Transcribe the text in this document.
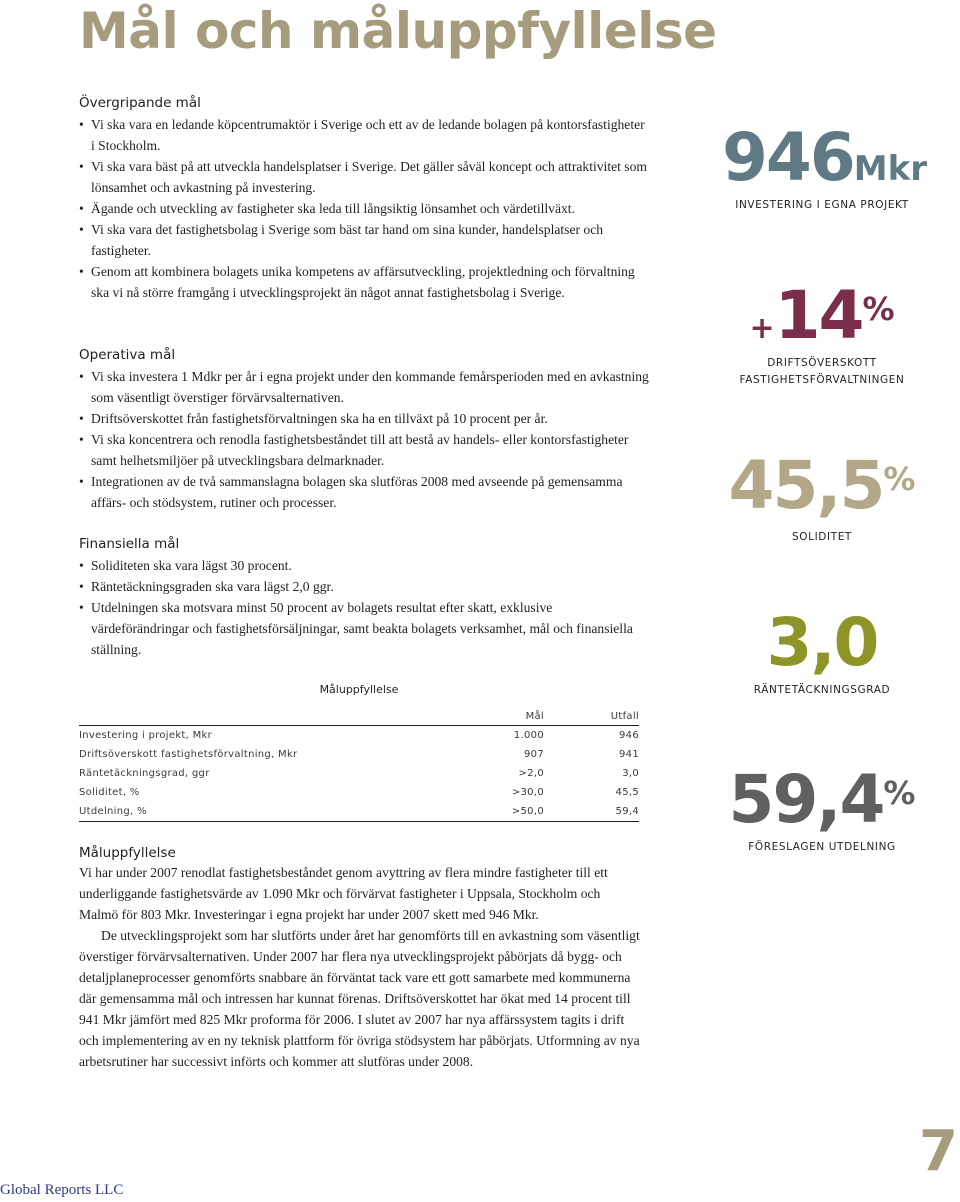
Mål och måluppfyllelse
Övergripande mål
• Vi ska vara en ledande köpcentrumaktör i Sverige och ett av de ledande bolagen på kontorsfastigheter i Stockholm.
• Vi ska vara bäst på att utveckla handelsplatser i Sverige. Det gäller såväl koncept och attraktivitet som lönsamhet och avkastning på investering.
• Ägande och utveckling av fastigheter ska leda till långsiktig lönsamhet och värdetillväxt.
• Vi ska vara det fastighetsbolag i Sverige som bäst tar hand om sina kunder, handelsplatser och fastigheter.
• Genom att kombinera bolagets unika kompetens av affärsutveckling, projektledning och förvaltning ska vi nå större framgång i utvecklingsprojekt än något annat fastighetsbolag i Sverige.
Operativa mål
• Vi ska investera 1 Mdkr per år i egna projekt under den kommande femårsperioden med en avkastning som väsentligt överstiger förvärvsalternativen.
• Driftsöverskottet från fastighetsförvaltningen ska ha en tillväxt på 10 procent per år.
• Vi ska koncentrera och renodla fastighetsbeståndet till att bestå av handels- eller kontorsfastigheter samt helhetsmiljöer på utvecklingsbara delmarknader.
• Integrationen av de två sammanslagna bolagen ska slutföras 2008 med avseende på gemensamma affärs- och stödsystem, rutiner och processer.
Finansiella mål
• Soliditeten ska vara lägst 30 procent.
• Räntetäckningsgraden ska vara lägst 2,0 ggr.
• Utdelningen ska motsvara minst 50 procent av bolagets resultat efter skatt, exklusive värdeförändringar och fastighetsförsäljningar, samt beakta bolagets verksamhet, mål och finansiella ställning.
Måluppfyllelse
	Mål	Utfall
Investering i projekt, Mkr	1.000	946
Driftsöverskott fastighetsförvaltning, Mkr	907	941
Räntetäckningsgrad, ggr	>2,0	3,0
Soliditet, %	>30,0	45,5
Utdelning, %	>50,0	59,4
Måluppfyllelse

Vi har under 2007 renodlat fastighetsbeståndet genom avyttring av flera mindre fastigheter till ett underliggande fastighetsvärde av 1.090 Mkr och förvärvat fastigheter i Uppsala, Stockholm och Malmö för 803 Mkr. Investeringar i egna projekt har under 2007 skett med 946 Mkr.

De utvecklingsprojekt som har slutförts under året har genomförts till en avkastning som väsentligt överstiger förvärvsalternativen. Under 2007 har flera nya utvecklingsprojekt påbörjats då bygg- och detaljplaneprocesser genomförts snabbare än förväntat tack vare ett gott samarbete med kommunerna där gemensamma mål och intressen har kunnat förenas. Driftsöverskottet har ökat med 14 procent till 941 Mkr jämfört med 825 Mkr proforma för 2006. I slutet av 2007 har nya affärssystem tagits i drift och implementering av en ny teknisk plattform för övriga stödsystem har påbörjats. Utformning av nya arbetsrutiner har successivt införts och kommer att slutföras under 2008.

946Mkr
INVESTERING I EGNA PROJEKT
+14%
DRIFTSÖVERSKOTT FASTIGHETSFÖRVALTNINGEN
45,5%
SOLIDITET
3,0
RÄNTETÄCKNINGSGRAD
59,4%
FÖRESLAGEN UTDELNING
Global Reports LLC
7
